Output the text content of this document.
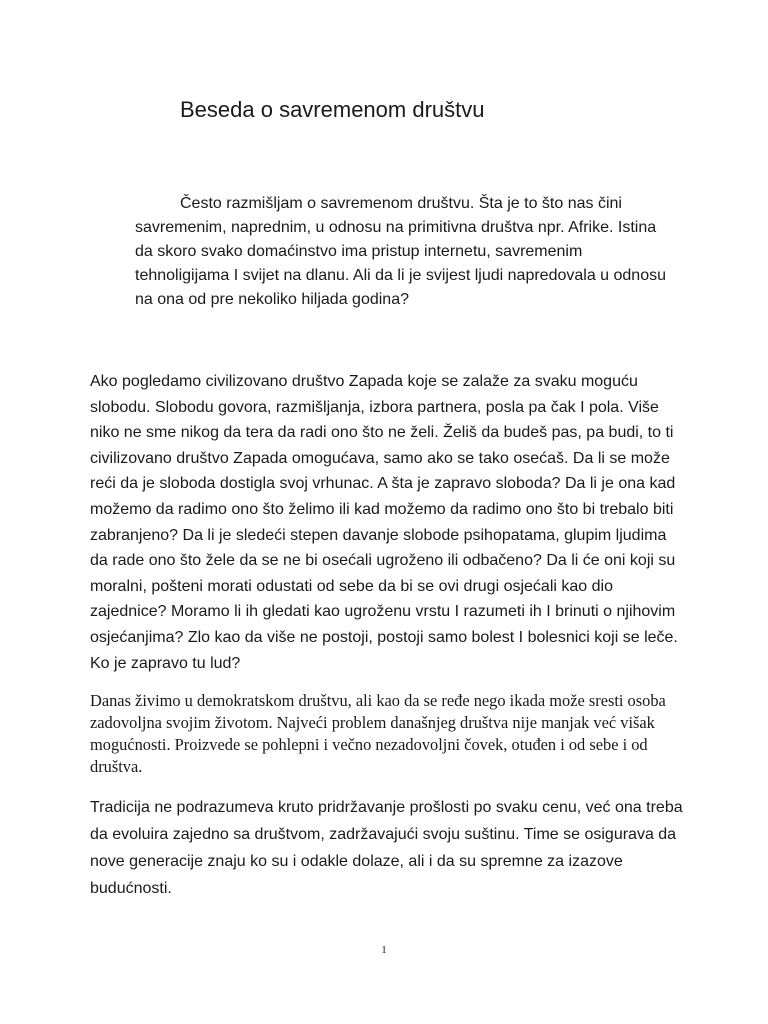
Beseda o savremenom društvu

Često razmišljam o savremenom društvu. Šta je to što nas čini savremenim, naprednim, u odnosu na primitivna društva npr. Afrike. Istina da skoro svako domaćinstvo ima pristup internetu, savremenim tehnoligijama I svijet na dlanu. Ali da li je svijest ljudi napredovala u odnosu na ona od pre nekoliko hiljada godina?

Ako pogledamo civilizovano društvo Zapada koje se zalaže za svaku moguću slobodu. Slobodu govora, razmišljanja, izbora partnera, posla pa čak I pola. Više niko ne sme nikog da tera da radi ono što ne želi. Želiš da budeš pas, pa budi, to ti civilizovano društvo Zapada omogućava, samo ako se tako osećaš. Da li se može reći da je sloboda dostigla svoj vrhunac. A šta je zapravo sloboda? Da li je ona kad možemo da radimo ono što želimo ili kad možemo da radimo ono što bi trebalo biti zabranjeno? Da li je sledeći stepen davanje slobode psihopatama, glupim ljudima da rade ono što žele da se ne bi osećali ugroženo ili odbačeno? Da li će oni koji su moralni, pošteni morati odustati od sebe da bi se ovi drugi osjećali kao dio zajednice? Moramo li ih gledati kao ugroženu vrstu I razumeti ih I brinuti o njihovim osjećanjima? Zlo kao da više ne postoji, postoji samo bolest I bolesnici koji se leče. Ko je zapravo tu lud?

Danas živimo u demokratskom društvu, ali kao da se ređe nego ikada može sresti osoba zadovoljna svojim životom. Najveći problem današnjeg društva nije manjak već višak mogućnosti. Proizvede se pohlepni i večno nezadovoljni čovek, otuđen i od sebe i od društva.

Tradicija ne podrazumeva kruto pridržavanje prošlosti po svaku cenu, već ona treba da evoluira zajedno sa društvom, zadržavajući svoju suštinu. Time se osigurava da nove generacije znaju ko su i odakle dolaze, ali i da su spremne za izazove budućnosti.

1
